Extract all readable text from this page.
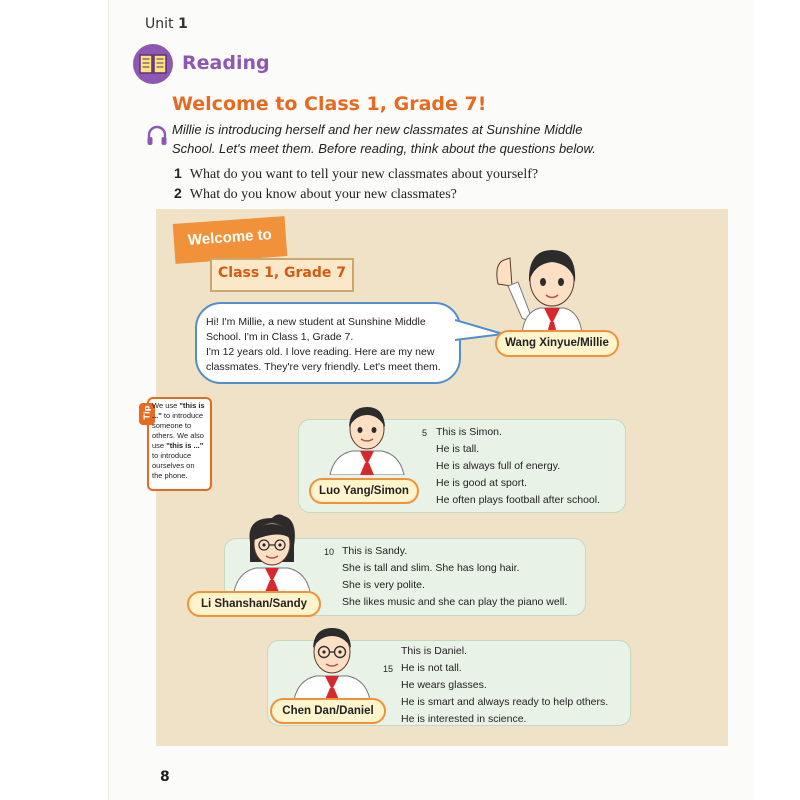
Unit 1
Reading
Welcome to Class 1, Grade 7!
Millie is introducing herself and her new classmates at Sunshine Middle School. Let's meet them. Before reading, think about the questions below.
1 What do you want to tell your new classmates about yourself?
2 What do you know about your new classmates?
Welcome to
Class 1, Grade 7
Hi! I'm Millie, a new student at Sunshine Middle
School. I'm in Class 1, Grade 7.
I'm 12 years old. I love reading. Here are my new
classmates. They're very friendly. Let's meet them.
Wang Xinyue/Millie
Tip
We use "this is ..." to introduce someone to others. We also use "this is ..." to introduce ourselves on the phone.
Luo Yang/Simon
5 This is Simon.
He is tall.
He is always full of energy.
He is good at sport.
He often plays football after school.
Li Shanshan/Sandy
10 This is Sandy.
She is tall and slim. She has long hair.
She is very polite.
She likes music and she can play the piano well.
Chen Dan/Daniel
15
This is Daniel.
He is not tall.
He wears glasses.
He is smart and always ready to help others.
He is interested in science.
8
